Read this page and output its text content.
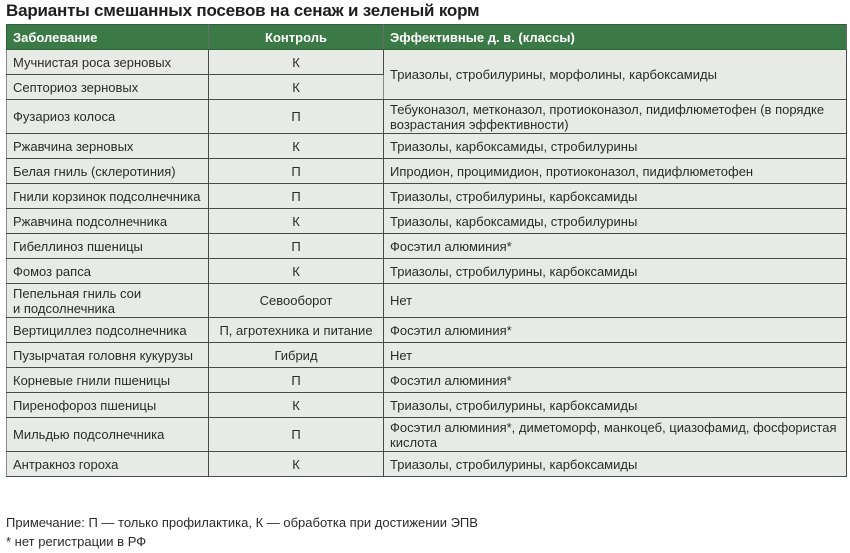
Варианты смешанных посевов на сенаж и зеленый корм
Заболевание	Контроль	Эффективные д. в. (классы)
Мучнистая роса зерновых	К	Триазолы, стробилурины, морфолины, карбоксамиды
Септориоз зерновых	К	
Фузариоз колоса	П	Тебуконазол, метконазол, протиоконазол, пидифлюметофен (в порядке возрастания эффективности)
Ржавчина зерновых	К	Триазолы, карбоксамиды, стробилурины
Белая гниль (склеротиния)	П	Ипродион, процимидион, протиоконазол, пидифлюметофен
Гнили корзинок подсолнечника	П	Триазолы, стробилурины, карбоксамиды
Ржавчина подсолнечника	К	Триазолы, карбоксамиды, стробилурины
Гибеллиноз пшеницы	П	Фосэтил алюминия*
Фомоз рапса	К	Триазолы, стробилурины, карбоксамиды
Пепельная гниль сои и подсолнечника	Севооборот	Нет
Вертициллез подсолнечника	П, агротехника и питание	Фосэтил алюминия*
Пузырчатая головня кукурузы	Гибрид	Нет
Корневые гнили пшеницы	П	Фосэтил алюминия*
Пиренофороз пшеницы	К	Триазолы, стробилурины, карбоксамиды
Мильдью подсолнечника	П	Фосэтил алюминия*, диметоморф, манкоцеб, циазофамид, фосфористая кислота
Антракноз гороха	К	Триазолы, стробилурины, карбоксамиды
Примечание: П — только профилактика, К — обработка при достижении ЭПВ
* нет регистрации в РФ
